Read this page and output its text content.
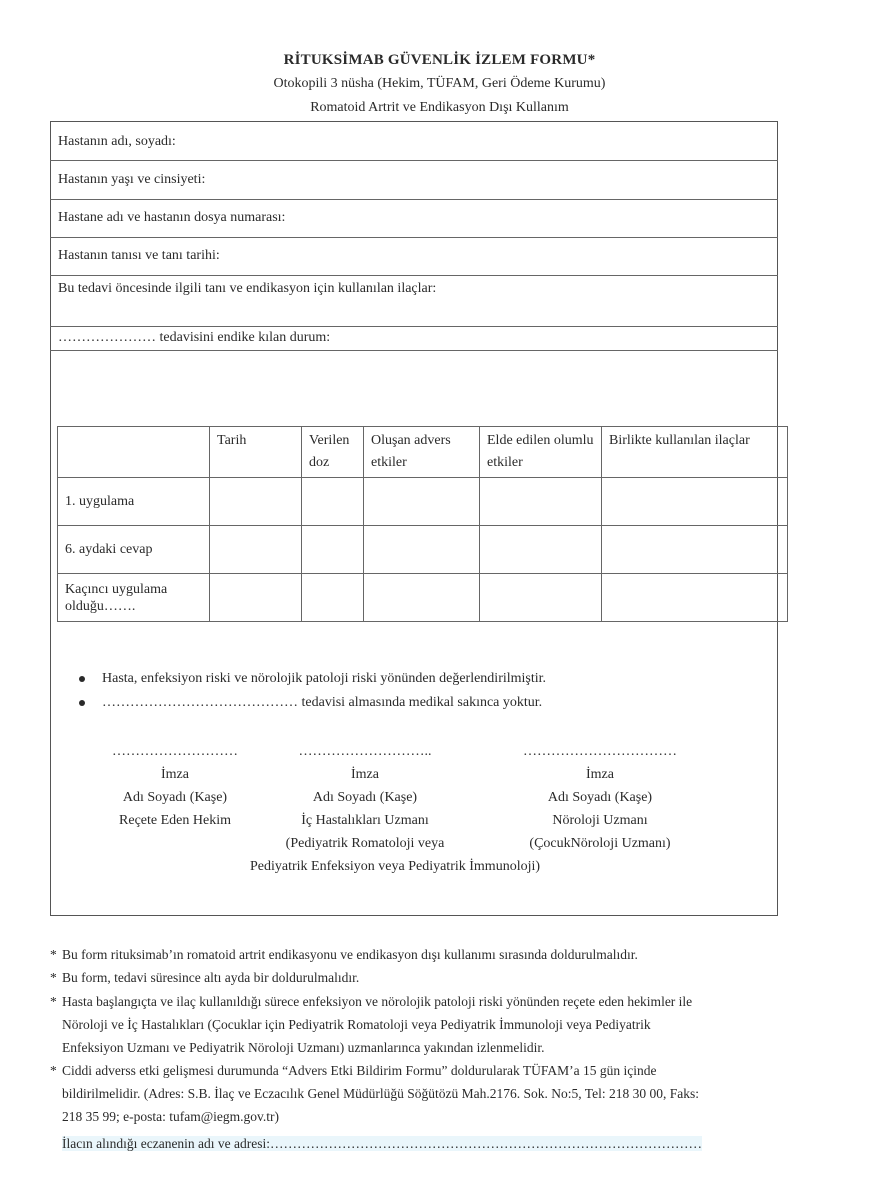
RİTUKSİMAB GÜVENLİK İZLEM FORMU*
Otokopili 3 nüsha (Hekim, TÜFAM, Geri Ödeme Kurumu)
Romatoid Artrit ve Endikasyon Dışı Kullanım
Hastanın adı, soyadı:
Hastanın yaşı ve cinsiyeti:
Hastane adı ve hastanın dosya numarası:
Hastanın tanısı ve tanı tarihi:
Bu tedavi öncesinde ilgili tanı ve endikasyon için kullanılan ilaçlar:
………………… tedavisini endike kılan durum:
	Tarih	Verilen doz	Oluşan advers etkiler	Elde edilen olumlu etkiler	Birlikte kullanılan ilaçlar
1. uygulama					
6. aydaki cevap					
Kaçıncı uygulama olduğu…….					
Hasta, enfeksiyon riski ve nörolojik patoloji riski yönünden değerlendirilmiştir.
…………………………………… tedavisi almasında medikal sakınca yoktur.
………………………
İmza
Adı Soyadı (Kaşe)
Reçete Eden Hekim
………………………..
İmza
Adı Soyadı (Kaşe)
İç Hastalıkları Uzmanı
(Pediyatrik Romatoloji veya
……………………………
İmza
Adı Soyadı (Kaşe)
Nöroloji Uzmanı
(ÇocukNöroloji Uzmanı)
Pediyatrik Enfeksiyon veya Pediyatrik İmmunoloji)
* Bu form rituksimab’ın romatoid artrit endikasyonu ve endikasyon dışı kullanımı sırasında doldurulmalıdır.
* Bu form, tedavi süresince altı ayda bir doldurulmalıdır.
* Hasta başlangıçta ve ilaç kullanıldığı sürece enfeksiyon ve nörolojik patoloji riski yönünden reçete eden hekimler ile
Nöroloji ve İç Hastalıkları (Çocuklar için Pediyatrik Romatoloji veya Pediyatrik İmmunoloji veya Pediyatrik
Enfeksiyon Uzmanı ve Pediyatrik Nöroloji Uzmanı) uzmanlarınca yakından izlenmelidir.
* Ciddi adverss etki gelişmesi durumunda “Advers Etki Bildirim Formu” doldurularak TÜFAM’a 15 gün içinde
bildirilmelidir. (Adres: S.B. İlaç ve Eczacılık Genel Müdürlüğü Söğütözü Mah.2176. Sok. No:5, Tel: 218 30 00, Faks:
218 35 99; e-posta: tufam@iegm.gov.tr)
İlacın alındığı eczanenin adı ve adresi:……………………………………………………………………………………
